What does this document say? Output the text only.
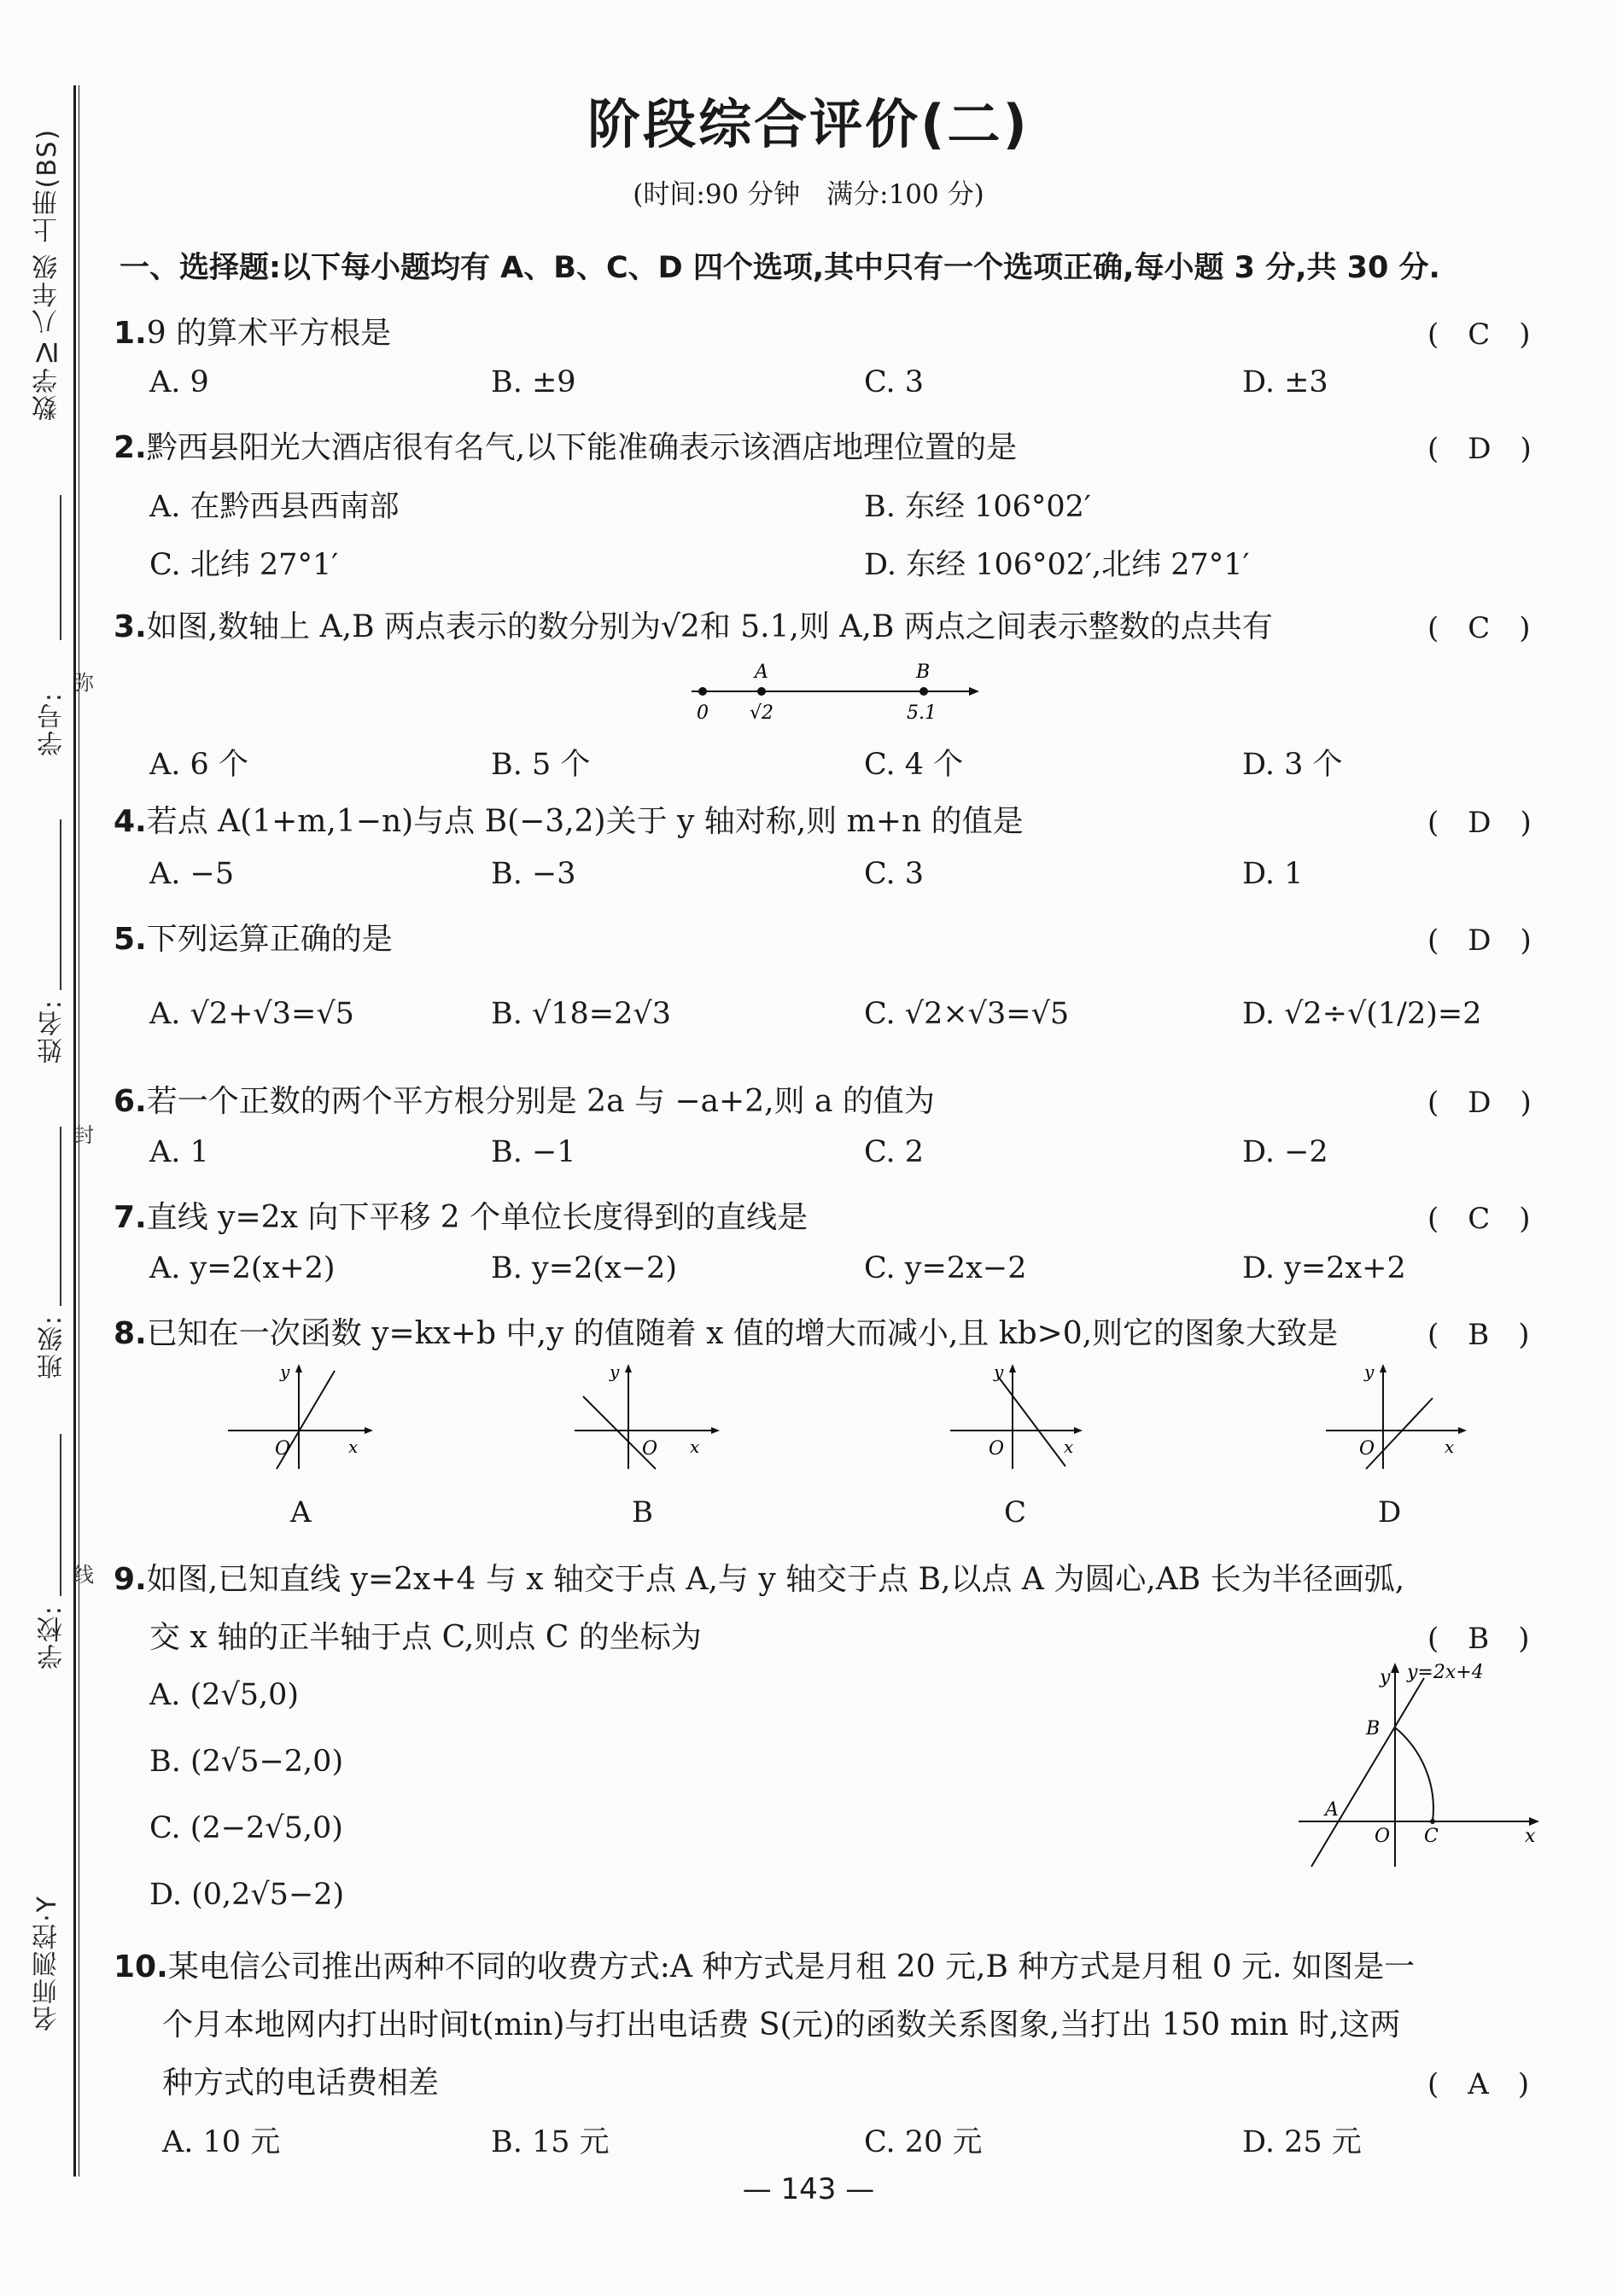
数学Ⅳ八年级 上册(BS)
学号:
弥
姓名:
封
班级:
线
学校:
名师测控·Y
阶段综合评价(二)
(时间:90 分钟　满分:100 分)
一、选择题:以下每小题均有 A、B、C、D 四个选项,其中只有一个选项正确,每小题 3 分,共 30 分.
1.9 的算术平方根是	(　C　)
A. 9	B. ±9	C. 3	D. ±3
2.黔西县阳光大酒店很有名气,以下能准确表示该酒店地理位置的是	(　D　)
A. 在黔西县西南部	B. 东经 106°02′
C. 北纬 27°1′	D. 东经 106°02′,北纬 27°1′
3.如图,数轴上 A,B 两点表示的数分别为√2和 5.1,则 A,B 两点之间表示整数的点共有	(　C　)
A	B
0 √2	5.1
A. 6 个	B. 5 个	C. 4 个	D. 3 个
4.若点 A(1+m,1−n)与点 B(−3,2)关于 y 轴对称,则 m+n 的值是	(　D　)
A. −5	B. −3	C. 3	D. 1
5.下列运算正确的是	(　D　)
A. √2+√3=√5	B. √18=2√3	C. √2×√3=√5	D. √2÷√(1/2)=2
6.若一个正数的两个平方根分别是 2a 与 −a+2,则 a 的值为	(　D　)
A. 1	B. −1	C. 2	D. −2
7.直线 y=2x 向下平移 2 个单位长度得到的直线是	(　C　)
A. y=2(x+2)	B. y=2(x−2)	C. y=2x−2	D. y=2x+2
8.已知在一次函数 y=kx+b 中,y 的值随着 x 值的增大而减小,且 kb>0,则它的图象大致是	(　B　)
y
x
O
A
y
x
O
B
y
x
O
C
y
x
O
D
9.如图,已知直线 y=2x+4 与 x 轴交于点 A,与 y 轴交于点 B,以点 A 为圆心,AB 长为半径画弧,
交 x 轴的正半轴于点 C,则点 C 的坐标为	(　B　)
A. (2√5,0)
B. (2√5−2,0)
C. (2−2√5,0)
D. (0,2√5−2)
y y=2x+4
B
A
O C	x
10.某电信公司推出两种不同的收费方式:A 种方式是月租 20 元,B 种方式是月租 0 元. 如图是一
个月本地网内打出时间t(min)与打出电话费 S(元)的函数关系图象,当打出 150 min 时,这两
种方式的电话费相差	(　A　)
A. 10 元	B. 15 元	C. 20 元	D. 25 元
— 143 —
